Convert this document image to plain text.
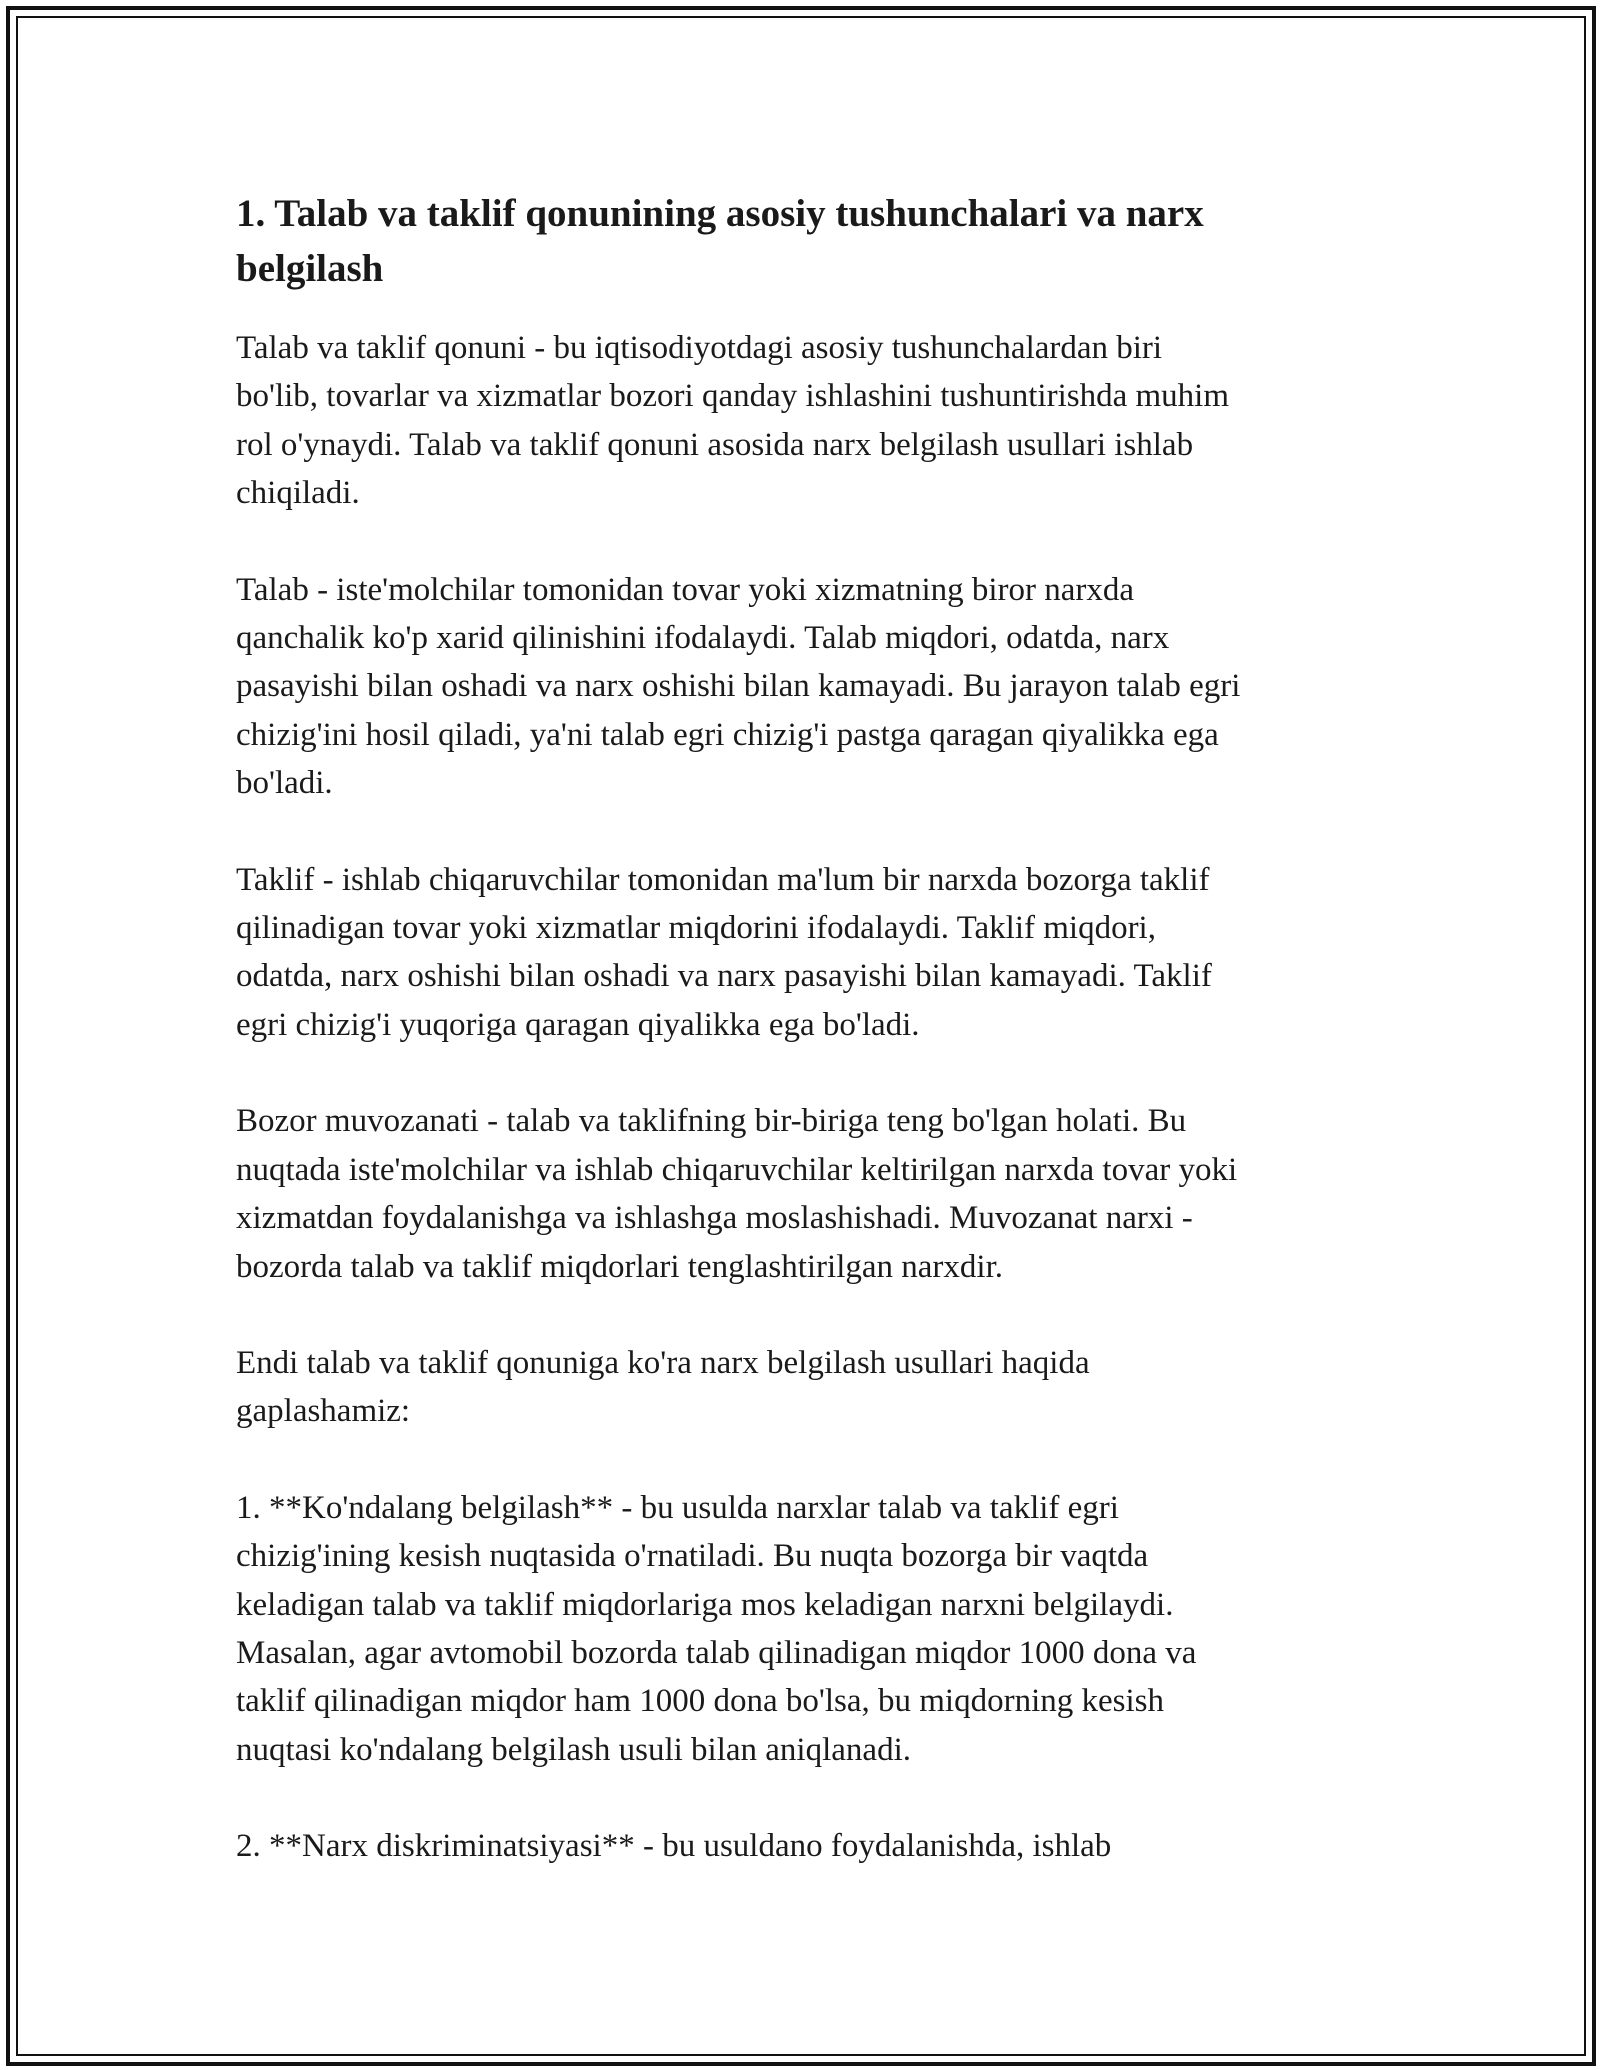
1. Talab va taklif qonunining asosiy tushunchalari va narx
belgilash

Talab va taklif qonuni - bu iqtisodiyotdagi asosiy tushunchalardan biri
bo'lib, tovarlar va xizmatlar bozori qanday ishlashini tushuntirishda muhim
rol o'ynaydi. Talab va taklif qonuni asosida narx belgilash usullari ishlab
chiqiladi.

Talab - iste'molchilar tomonidan tovar yoki xizmatning biror narxda
qanchalik ko'p xarid qilinishini ifodalaydi. Talab miqdori, odatda, narx
pasayishi bilan oshadi va narx oshishi bilan kamayadi. Bu jarayon talab egri
chizig'ini hosil qiladi, ya'ni talab egri chizig'i pastga qaragan qiyalikka ega
bo'ladi.

Taklif - ishlab chiqaruvchilar tomonidan ma'lum bir narxda bozorga taklif
qilinadigan tovar yoki xizmatlar miqdorini ifodalaydi. Taklif miqdori,
odatda, narx oshishi bilan oshadi va narx pasayishi bilan kamayadi. Taklif
egri chizig'i yuqoriga qaragan qiyalikka ega bo'ladi.

Bozor muvozanati - talab va taklifning bir-biriga teng bo'lgan holati. Bu
nuqtada iste'molchilar va ishlab chiqaruvchilar keltirilgan narxda tovar yoki
xizmatdan foydalanishga va ishlashga moslashishadi. Muvozanat narxi -
bozorda talab va taklif miqdorlari tenglashtirilgan narxdir.

Endi talab va taklif qonuniga ko'ra narx belgilash usullari haqida
gaplashamiz:

1. **Ko'ndalang belgilash** - bu usulda narxlar talab va taklif egri
chizig'ining kesish nuqtasida o'rnatiladi. Bu nuqta bozorga bir vaqtda
keladigan talab va taklif miqdorlariga mos keladigan narxni belgilaydi.
Masalan, agar avtomobil bozorda talab qilinadigan miqdor 1000 dona va
taklif qilinadigan miqdor ham 1000 dona bo'lsa, bu miqdorning kesish
nuqtasi ko'ndalang belgilash usuli bilan aniqlanadi.

2. **Narx diskriminatsiyasi** - bu usuldano foydalanishda, ishlab
